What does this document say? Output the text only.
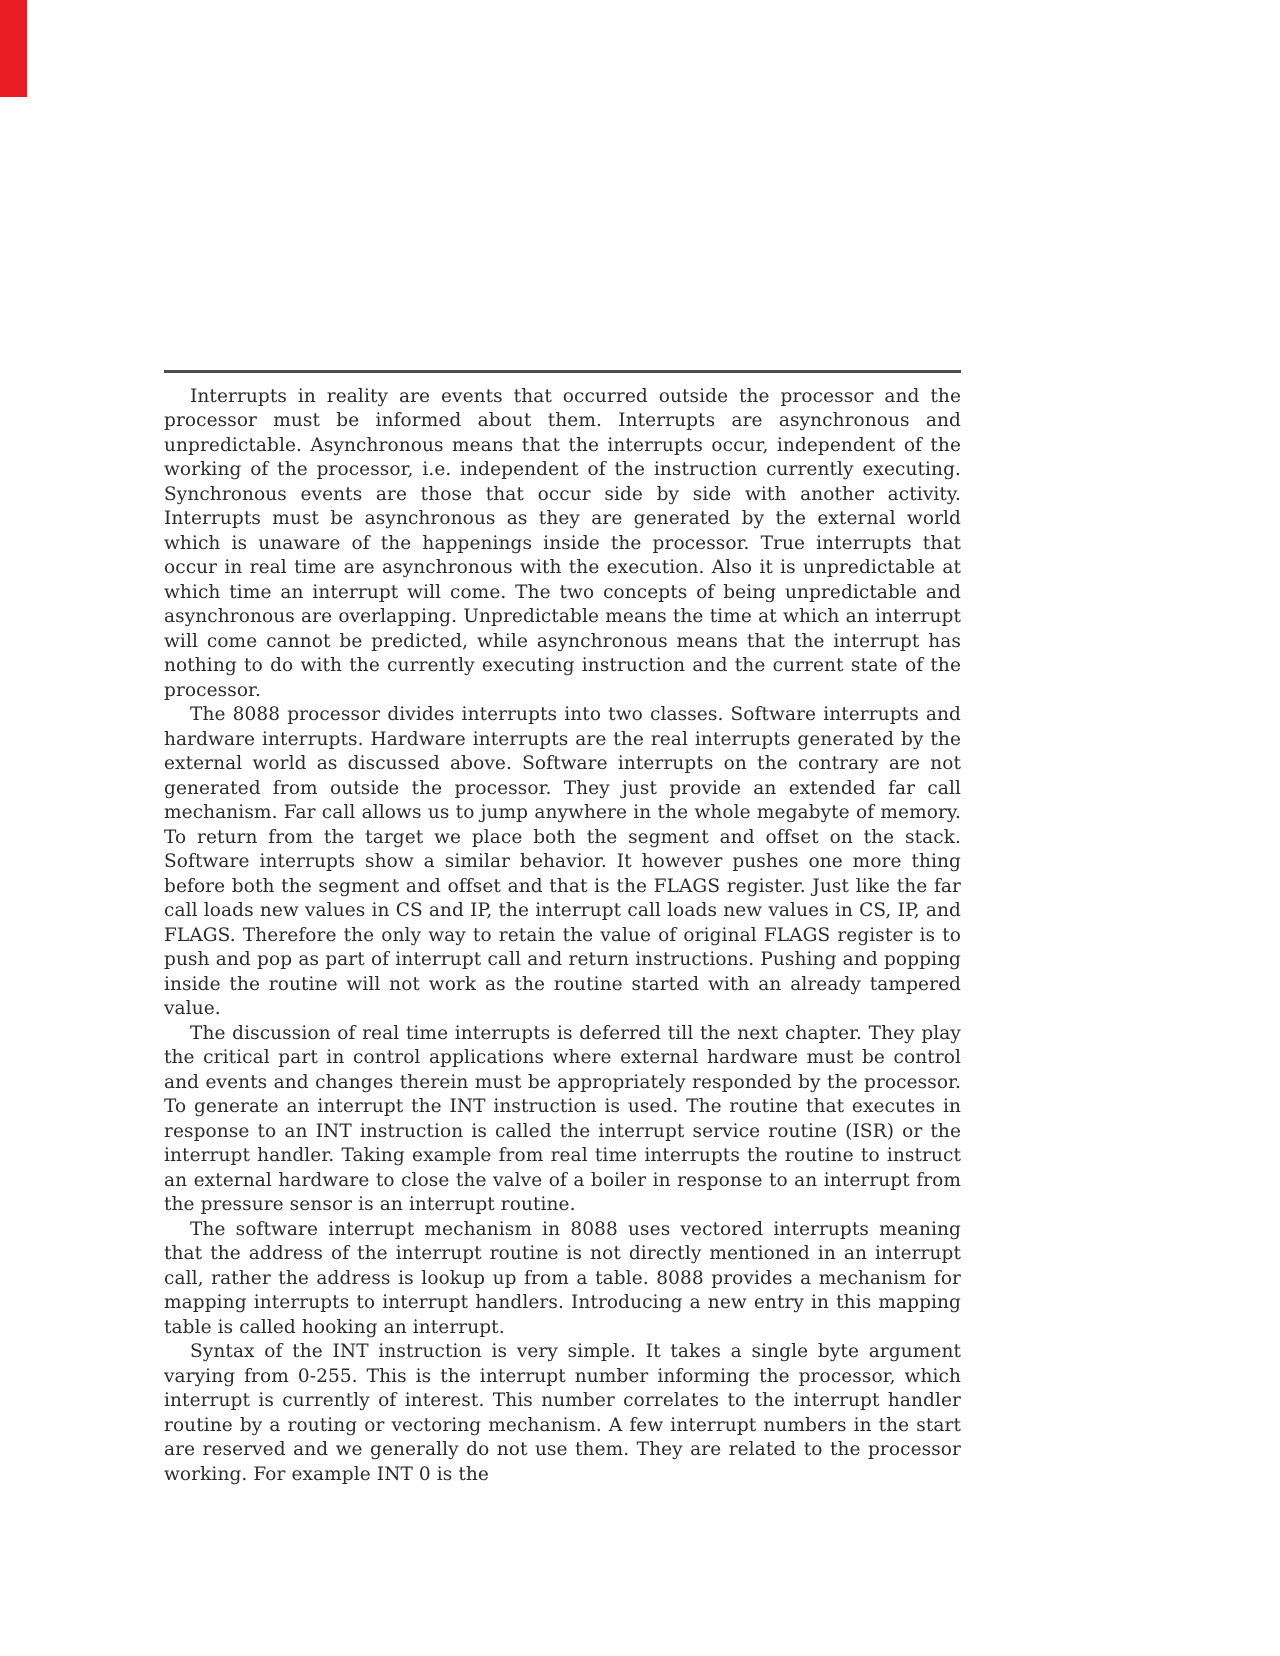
Interrupts in reality are events that occurred outside the processor and the processor must be informed about them. Interrupts are asynchronous and unpredictable. Asynchronous means that the interrupts occur, independent of the working of the processor, i.e. independent of the instruction currently executing. Synchronous events are those that occur side by side with another activity. Interrupts must be asynchronous as they are generated by the external world which is unaware of the happenings inside the processor. True interrupts that occur in real time are asynchronous with the execution. Also it is unpredictable at which time an interrupt will come. The two concepts of being unpredictable and asynchronous are overlapping. Unpredictable means the time at which an interrupt will come cannot be predicted, while asynchronous means that the interrupt has nothing to do with the currently executing instruction and the current state of the processor.

The 8088 processor divides interrupts into two classes. Software interrupts and hardware interrupts. Hardware interrupts are the real interrupts generated by the external world as discussed above. Software interrupts on the contrary are not generated from outside the processor. They just provide an extended far call mechanism. Far call allows us to jump anywhere in the whole megabyte of memory. To return from the target we place both the segment and offset on the stack. Software interrupts show a similar behavior. It however pushes one more thing before both the segment and offset and that is the FLAGS register. Just like the far call loads new values in CS and IP, the interrupt call loads new values in CS, IP, and FLAGS. Therefore the only way to retain the value of original FLAGS register is to push and pop as part of interrupt call and return instructions. Pushing and popping inside the routine will not work as the routine started with an already tampered value.

The discussion of real time interrupts is deferred till the next chapter. They play the critical part in control applications where external hardware must be control and events and changes therein must be appropriately responded by the processor. To generate an interrupt the INT instruction is used. The routine that executes in response to an INT instruction is called the interrupt service routine (ISR) or the interrupt handler. Taking example from real time interrupts the routine to instruct an external hardware to close the valve of a boiler in response to an interrupt from the pressure sensor is an interrupt routine.

The software interrupt mechanism in 8088 uses vectored interrupts meaning that the address of the interrupt routine is not directly mentioned in an interrupt call, rather the address is lookup up from a table. 8088 provides a mechanism for mapping interrupts to interrupt handlers. Introducing a new entry in this mapping table is called hooking an interrupt.

Syntax of the INT instruction is very simple. It takes a single byte argument varying from 0-255. This is the interrupt number informing the processor, which interrupt is currently of interest. This number correlates to the interrupt handler routine by a routing or vectoring mechanism. A few interrupt numbers in the start are reserved and we generally do not use them. They are related to the processor working. For example INT 0 is the
